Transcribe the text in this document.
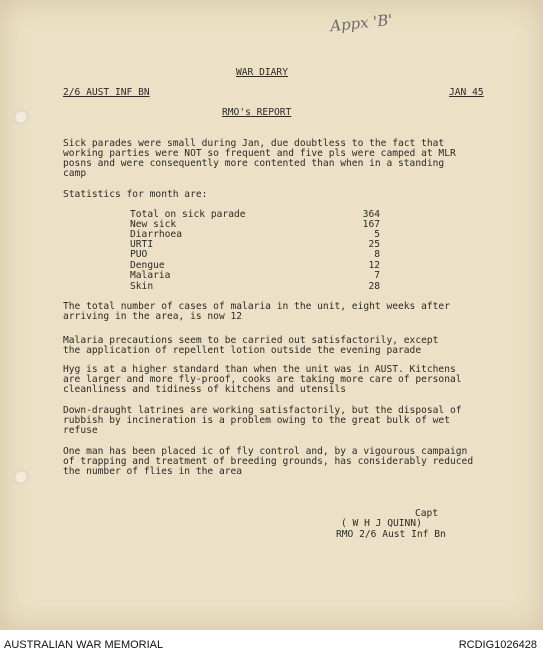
Appx 'B'
WAR DIARY
2/6 AUST INF BN	JAN 45
RMO's REPORT
Sick parades were small during Jan, due doubtless to the fact that
working parties were NOT so frequent and five pls were camped at MLR
posns and were consequently more contented than when in a standing
camp
Statistics for month are:
Total on sick parade	364
New sick	167
Diarrhoea	5
URTI	25
PUO	8
Dengue	12
Malaria	7
Skin	28
The total number of cases of malaria in the unit, eight weeks after
arriving in the area, is now 12
Malaria precautions seem to be carried out satisfactorily, except
the application of repellent lotion outside the evening parade
Hyg is at a higher standard than when the unit was in AUST. Kitchens
are larger and more fly-proof, cooks are taking more care of personal
cleanliness and tidiness of kitchens and utensils
Down-draught latrines are working satisfactorily, but the disposal of
rubbish by incineration is a problem owing to the great bulk of wet
refuse
One man has been placed ic of fly control and, by a vigourous campaign
of trapping and treatment of breeding grounds, has considerably reduced
the number of flies in the area
Capt
( W H J QUINN)
RMO 2/6 Aust Inf Bn
AUSTRALIAN WAR MEMORIAL	RCDIG1026428
